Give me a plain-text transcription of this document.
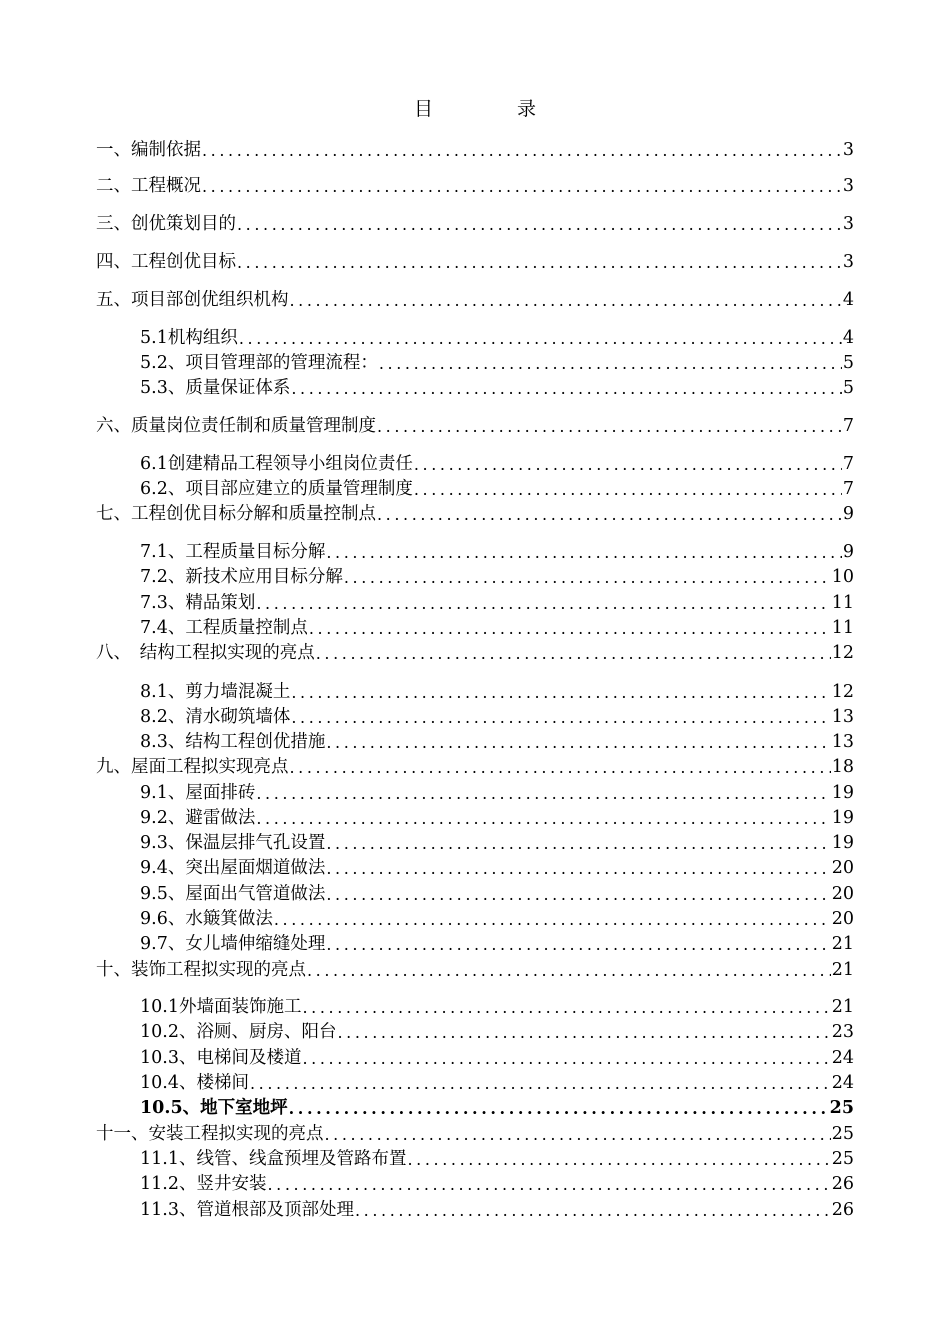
目	录
一、编制依据 .....	3
二、工程概况 .....	3
三、创优策划目的 .....	3
四、工程创优目标 .....	3
五、项目部创优组织机构 .....	4
5.1机构组织 .....	4
5.2、项目管理部的管理流程： .....	5
5.3、质量保证体系 .....	5
六、质量岗位责任制和质量管理制度 .....	7
6.1创建精品工程领导小组岗位责任 .....	7
6.2、项目部应建立的质量管理制度 .....	7
七、工程创优目标分解和质量控制点 .....	9
7.1、工程质量目标分解 .....	9
7.2、新技术应用目标分解 .....	10
7.3、精品策划 .....	11
7.4、工程质量控制点 .....	11
八、　结构工程拟实现的亮点 .....	12
8.1、剪力墙混凝土 .....	12
8.2、清水砌筑墙体 .....	13
8.3、结构工程创优措施 .....	13
九、屋面工程拟实现亮点 .....	18
9.1、屋面排砖 .....	19
9.2、避雷做法 .....	19
9.3、保温层排气孔设置 .....	19
9.4、突出屋面烟道做法 .....	20
9.5、屋面出气管道做法 .....	20
9.6、水簸箕做法 .....	20
9.7、女儿墙伸缩缝处理 .....	21
十、装饰工程拟实现的亮点 .....	21
10.1外墙面装饰施工 .....	21
10.2、浴厕、厨房、阳台 .....	23
10.3、电梯间及楼道 .....	24
10.4、楼梯间 .....	24
10.5、地下室地坪 .....	25
十一、安装工程拟实现的亮点 .....	25
11.1、线管、线盒预埋及管路布置 .....	25
11.2、竖井安装 .....	26
11.3、管道根部及顶部处理 .....	26
